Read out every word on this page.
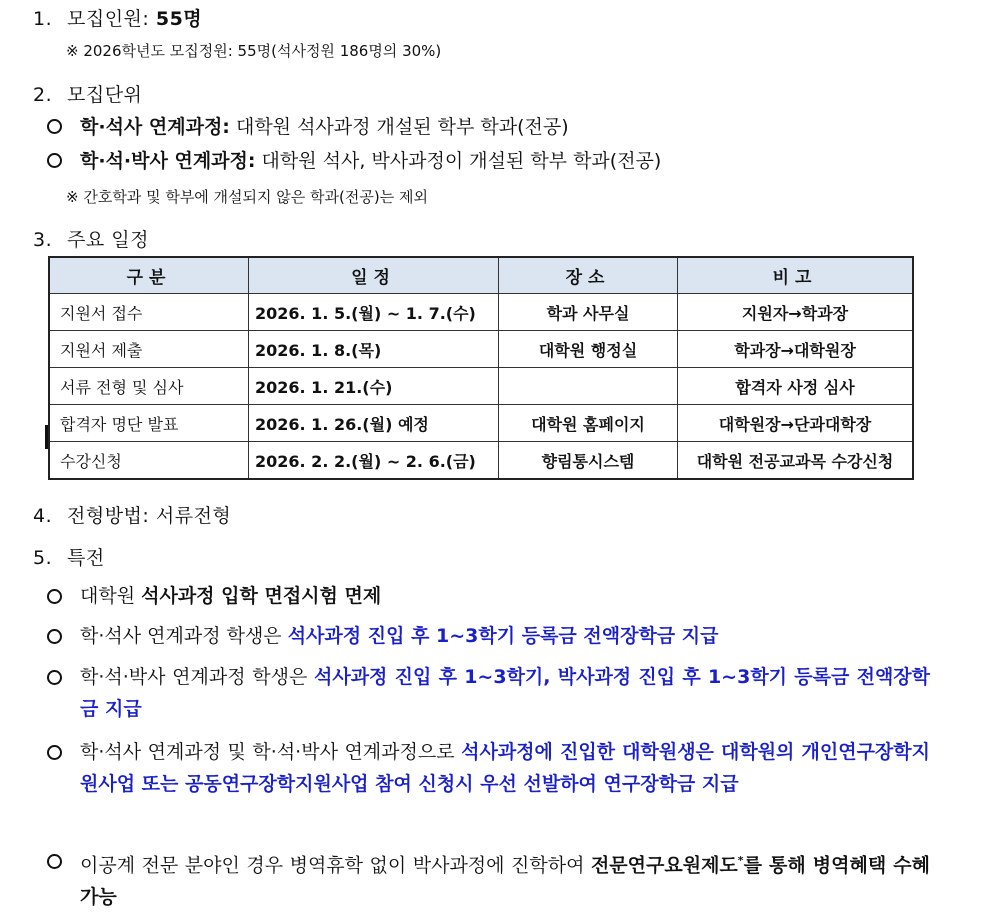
1. 모집인원: 55명
※ 2026학년도 모집정원: 55명(석사정원 186명의 30%)
2. 모집단위
학·석사 연계과정: 대학원 석사과정 개설된 학부 학과(전공)
학·석·박사 연계과정: 대학원 석사, 박사과정이 개설된 학부 학과(전공)
※ 간호학과 및 학부에 개설되지 않은 학과(전공)는 제외
3. 주요 일정
구분	일정	장소	비고
지원서 접수	2026. 1. 5.(월) ~ 1. 7.(수)	학과 사무실	지원자→학과장
지원서 제출	2026. 1. 8.(목)	대학원 행정실	학과장→대학원장
서류 전형 및 심사	2026. 1. 21.(수)		합격자 사정 심사
합격자 명단 발표	2026. 1. 26.(월) 예정	대학원 홈페이지	대학원장→단과대학장
수강신청	2026. 2. 2.(월) ~ 2. 6.(금)	향림통시스템	대학원 전공교과목 수강신청
4. 전형방법: 서류전형
5. 특전
대학원 석사과정 입학 면접시험 면제
학·석사 연계과정 학생은 석사과정 진입 후 1~3학기 등록금 전액장학금 지급
학·석·박사 연계과정 학생은 석사과정 진입 후 1~3학기, 박사과정 진입 후 1~3학기 등록금 전액장학금 지급
학·석사 연계과정 및 학·석·박사 연계과정으로 석사과정에 진입한 대학원생은 대학원의 개인연구장학지원사업 또는 공동연구장학지원사업 참여 신청시 우선 선발하여 연구장학금 지급
이공계 전문 분야인 경우 병역휴학 없이 박사과정에 진학하여 전문연구요원제도*를 통해 병역혜택 수혜 가능
